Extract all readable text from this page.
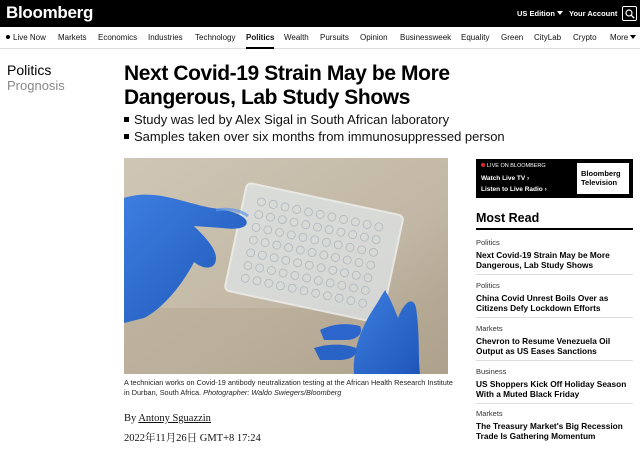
Bloomberg	US Edition	Your Account
Live Now Markets Economics Industries Technology Politics Wealth Pursuits Opinion Businessweek Equality Green CityLab Crypto More
Politics
Prognosis
Next Covid-19 Strain May be More Dangerous, Lab Study Shows
Study was led by Alex Sigal in South African laboratory
Samples taken over six months from immunosuppressed person
A technician works on Covid-19 antibody neutralization testing at the African Health Research Institute in Durban, South Africa. Photographer: Waldo Swiegers/Bloomberg
By Antony Sguazzin
2022年11月26日 GMT+8 17:24
LIVE ON BLOOMBERG
Watch Live TV ›
Listen to Live Radio ›
Bloomberg
Television
Most Read
Politics
Next Covid-19 Strain May be More Dangerous, Lab Study Shows
Politics
China Covid Unrest Boils Over as Citizens Defy Lockdown Efforts
Markets
Chevron to Resume Venezuela Oil Output as US Eases Sanctions
Business
US Shoppers Kick Off Holiday Season With a Muted Black Friday
Markets
The Treasury Market's Big Recession Trade Is Gathering Momentum
